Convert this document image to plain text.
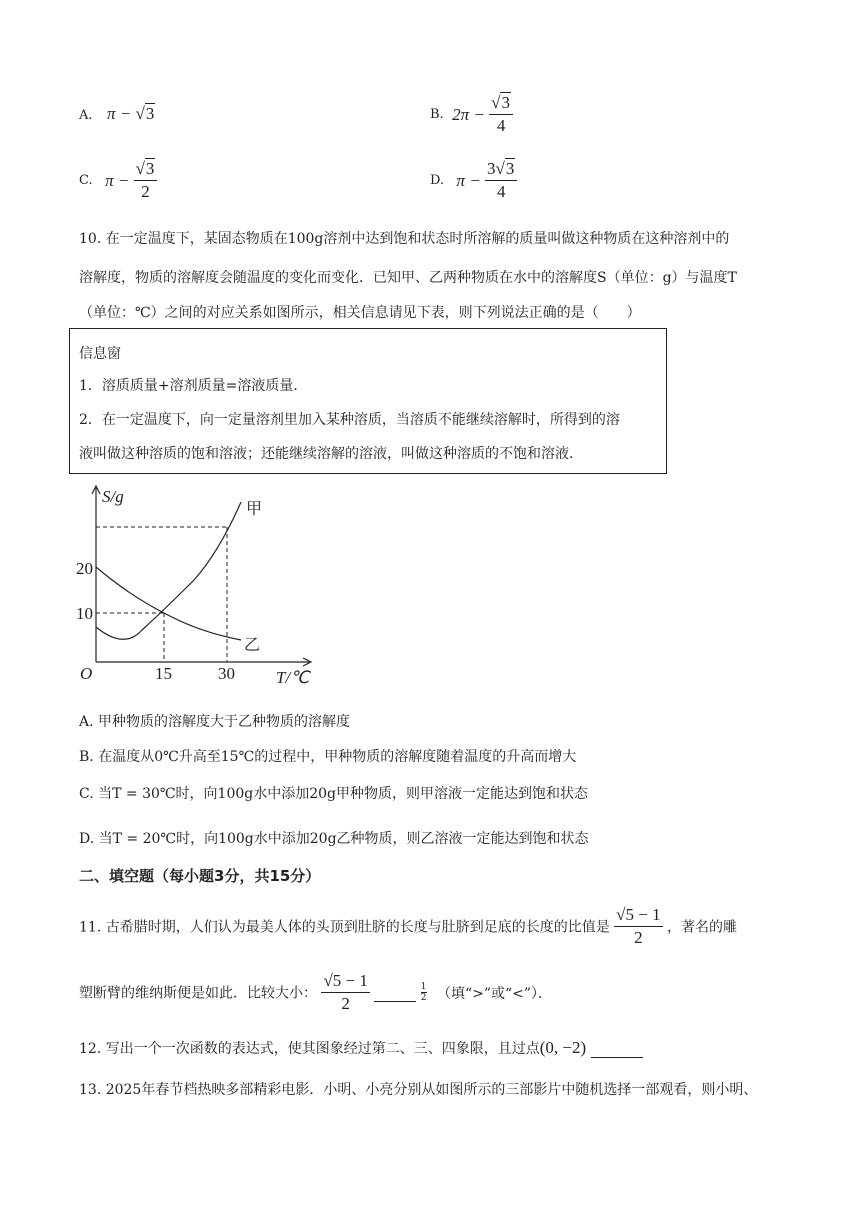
A. π − √3	B. $2\pi - \frac{√3}{4}$
C. $\pi - \frac{√3}{2}$	D. $\pi - \frac{3√3}{4}$
10. 在一定温度下，某固态物质在100g溶剂中达到饱和状态时所溶解的质量叫做这种物质在这种溶剂中的
溶解度，物质的溶解度会随温度的变化而变化．已知甲、乙两种物质在水中的溶解度S（单位：g）与温度T
（单位：℃）之间的对应关系如图所示，相关信息请见下表，则下列说法正确的是（　　）
信息窗
1．溶质质量+溶剂质量=溶液质量．
2．在一定温度下，向一定量溶剂里加入某种溶质，当溶质不能继续溶解时，所得到的溶
液叫做这种溶质的饱和溶液；还能继续溶解的溶液，叫做这种溶质的不饱和溶液．
S/g
T/℃
O
20
10
15	30
甲
乙
A. 甲种物质的溶解度大于乙种物质的溶解度
B. 在温度从0℃升高至15℃的过程中，甲种物质的溶解度随着温度的升高而增大
C. 当T = 30℃时，向100g水中添加20g甲种物质，则甲溶液一定能达到饱和状态
D. 当T = 20℃时，向100g水中添加20g乙种物质，则乙溶液一定能达到饱和状态
二、填空题（每小题3分，共15分）
11. 古希腊时期，人们认为最美人体的头顶到肚脐的长度与肚脐到足底的长度的比值是 $\frac{√5 - 1}{2}$ ，著名的雕
塑断臂的维纳斯便是如此．比较大小： $\frac{√5 - 1}{2}$
	$\frac{1}{2}$ （填“>”或“<”）．
12. 写出一个一次函数的表达式，使其图象经过第二、三、四象限，且过点(0, −2)
13. 2025年春节档热映多部精彩电影．小明、小亮分别从如图所示的三部影片中随机选择一部观看，则小明、
